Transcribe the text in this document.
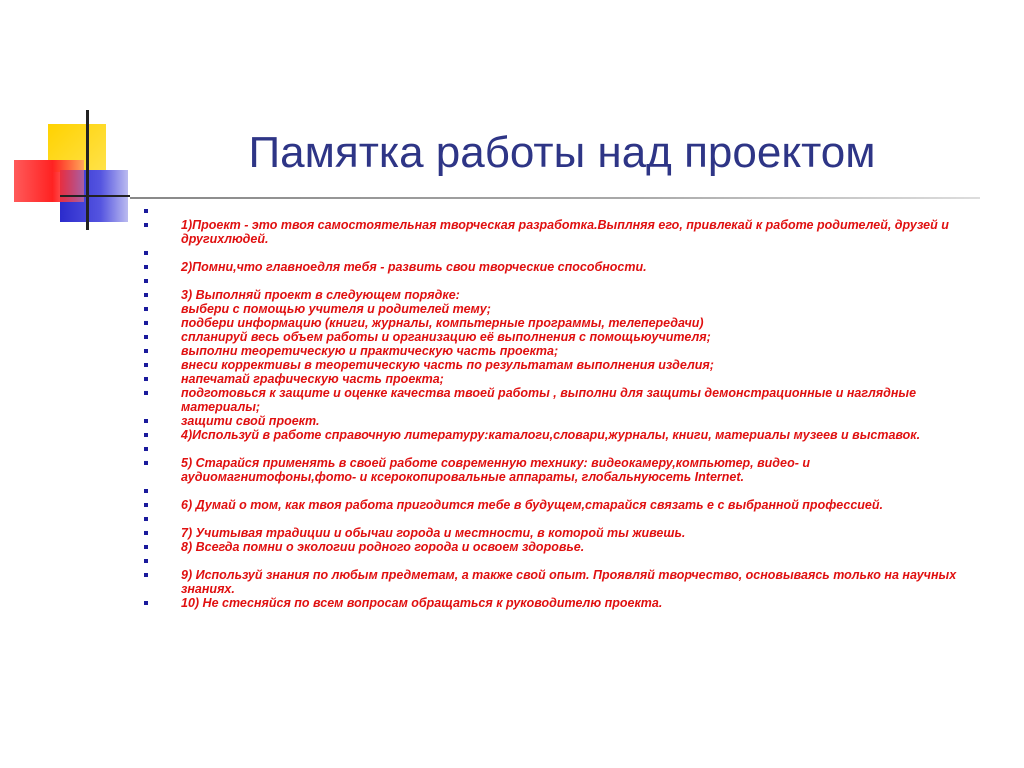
Памятка работы над проектом
1)Проект - это твоя самостоятельная творческая разработка.Выплняя его, привлекай к работе родителей, друзей и другихлюдей.
2)Помни,что главноедля тебя - развить свои творческие способности.
3) Выполняй проект в следующем порядке:
выбери с помощью учителя и родителей тему;
подбери информацию (книги, журналы, компьтерные программы, телепередачи)
спланируй весь объем работы и организацию её выполнения с помощьюучителя;
выполни теоретическую и практическую часть проекта;
внеси коррективы в теоретическую часть по результатам выполнения изделия;
напечатай графическую часть проекта;
подготовься к защите и оценке качества твоей работы , выполни для защиты демонстрационные и наглядные материалы;
защити свой проект.
4)Используй в работе справочную литературу:каталоги,словари,журналы, книги, материалы музеев и выставок.
5) Старайся применять в своей работе современную технику: видеокамеру,компьютер, видео- и аудиомагнитофоны,фото- и ксерокопировальные аппараты, глобальнуюсеть Internet.
6) Думай о том, как твоя работа пригодится тебе в будущем,старайся связать е с выбранной профессией.
7) Учитывая традиции и обычаи города и местности, в которой ты живешь.
8) Всегда помни о экологии родного города и освоем здоровье.
9) Используй знания по любым предметам, а также свой опыт. Проявляй творчество, основываясь только на научных знаниях.
10) Не стесняйся по всем вопросам обращаться к руководителю проекта.
